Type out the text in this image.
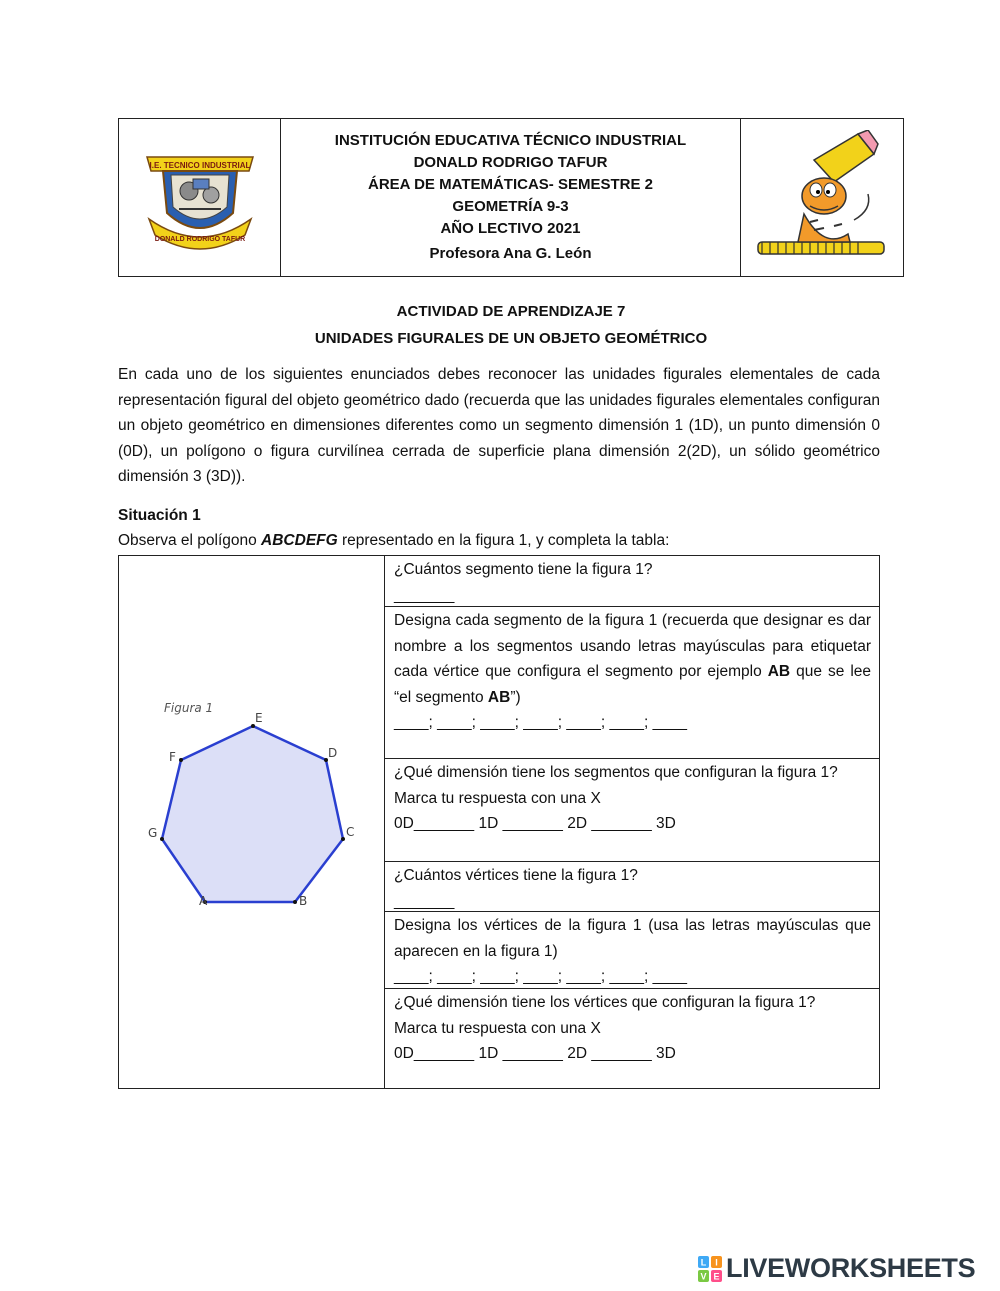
I.E. TECNICO INDUSTRIAL
DONALD RODRIGO TAFUR
INSTITUCIÓN EDUCATIVA TÉCNICO INDUSTRIAL
DONALD RODRIGO TAFUR
ÁREA DE MATEMÁTICAS- SEMESTRE 2
GEOMETRÍA 9-3
AÑO LECTIVO 2021
Profesora Ana G. León
ACTIVIDAD DE APRENDIZAJE 7
UNIDADES FIGURALES DE UN OBJETO GEOMÉTRICO
En cada uno de los siguientes enunciados debes reconocer las unidades figurales elementales de cada representación figural del objeto geométrico dado (recuerda que las unidades figurales elementales configuran un objeto geométrico en dimensiones diferentes como un segmento dimensión 1 (1D), un punto dimensión 0 (0D), un polígono o figura curvilínea cerrada de superficie plana dimensión 2(2D), un sólido geométrico dimensión 3 (3D)).
Situación 1
Observa el polígono ABCDEFG representado en la figura 1, y completa la tabla:
Figura 1
A	B
C
D
E
F
G

¿Cuántos segmento tiene la figura 1?

_______

Designa cada segmento de la figura 1 (recuerda que designar es dar nombre a los segmentos usando letras mayúsculas para etiquetar cada vértice que configura el segmento por ejemplo AB que se lee “el segmento AB”)

____; ____; ____; ____; ____; ____; ____

¿Qué dimensión tiene los segmentos que configuran la figura 1?

Marca tu respuesta con una X

0D_______ 1D _______ 2D _______ 3D

¿Cuántos vértices tiene la figura 1?

_______

Designa los vértices de la figura 1 (usa las letras mayúsculas que aparecen en la figura 1)

____; ____; ____; ____; ____; ____; ____

¿Qué dimensión tiene los vértices que configuran la figura 1?

Marca tu respuesta con una X

0D_______ 1D _______ 2D _______ 3D

L I
V E LIVEWORKSHEETS
